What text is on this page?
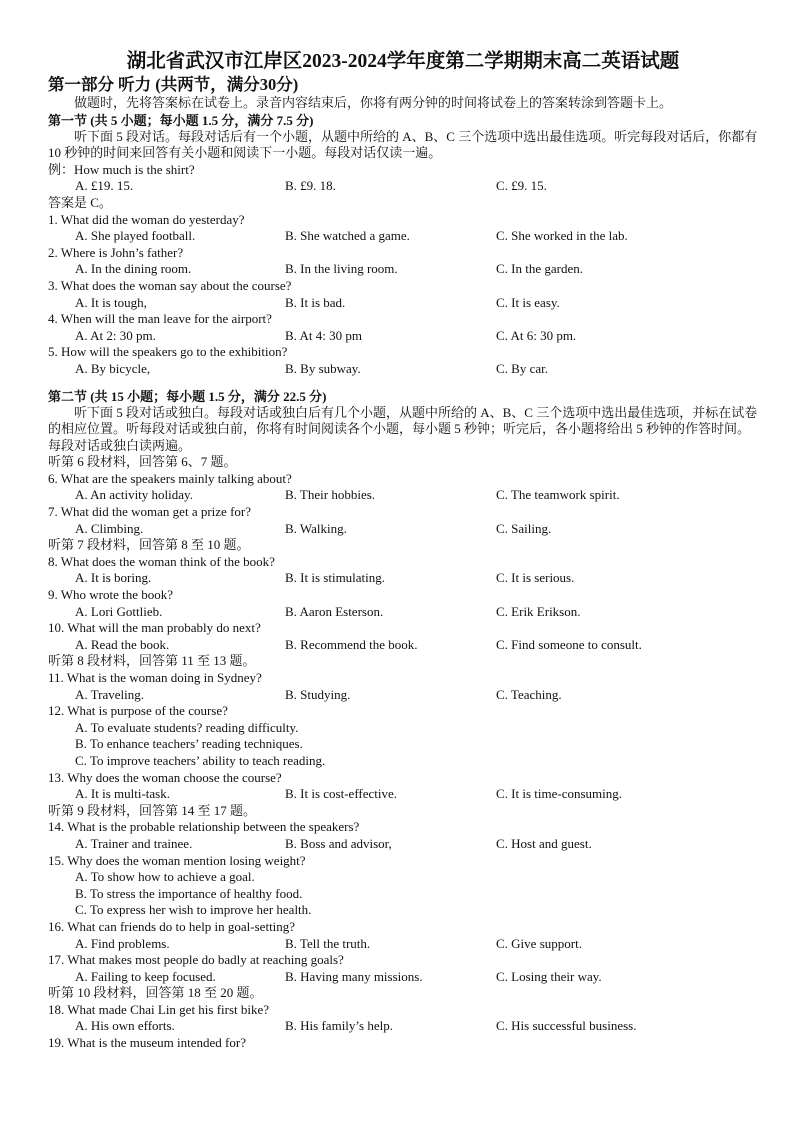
湖北省武汉市江岸区2023-2024学年度第二学期期末高二英语试题
第一部分 听力 (共两节，满分30分)
做题时，先将答案标在试卷上。录音内容结束后，你将有两分钟的时间将试卷上的答案转涂到答题卡上。
第一节 (共 5 小题；每小题 1.5 分，满分 7.5 分)
听下面 5 段对话。每段对话后有一个小题，从题中所给的 A、B、C 三个选项中选出最佳选项。听完每段对话后，你都有 10 秒钟的时间来回答有关小题和阅读下一小题。每段对话仅读一遍。
例：How much is the shirt?
A. £19. 15.	B. £9. 18.	C. £9. 15.
答案是 C。
1. What did the woman do yesterday?
A. She played football.	B. She watched a game.	C. She worked in the lab.
2. Where is John’s father?
A. In the dining room.	B. In the living room.	C. In the garden.
3. What does the woman say about the course?
A. It is tough,	B. It is bad.	C. It is easy.
4. When will the man leave for the airport?
A. At 2: 30 pm.	B. At 4: 30 pm	C. At 6: 30 pm.
5. How will the speakers go to the exhibition?
A. By bicycle,	B. By subway.	C. By car.
第二节 (共 15 小题；每小题 1.5 分，满分 22.5 分)
听下面 5 段对话或独白。每段对话或独白后有几个小题，从题中所给的 A、B、C 三个选项中选出最佳选项，并标在试卷的相应位置。听每段对话或独白前，你将有时间阅读各个小题，每小题 5 秒钟；听完后，各小题将给出 5 秒钟的作答时间。每段对话或独白读两遍。
听第 6 段材料，回答第 6、7 题。
6. What are the speakers mainly talking about?
A. An activity holiday.	B. Their hobbies.	C. The teamwork spirit.
7. What did the woman get a prize for?
A. Climbing.	B. Walking.	C. Sailing.
听第 7 段材料，回答第 8 至 10 题。
8. What does the woman think of the book?
A. It is boring.	B. It is stimulating.	C. It is serious.
9. Who wrote the book?
A. Lori Gottlieb.	B. Aaron Esterson.	C. Erik Erikson.
10. What will the man probably do next?
A. Read the book.	B. Recommend the book.	C. Find someone to consult.
听第 8 段材料，回答第 11 至 13 题。
11. What is the woman doing in Sydney?
A. Traveling.	B. Studying.	C. Teaching.
12. What is purpose of the course?
A. To evaluate students? reading difficulty.
B. To enhance teachers’ reading techniques.
C. To improve teachers’ ability to teach reading.
13. Why does the woman choose the course?
A. It is multi-task.	B. It is cost-effective.	C. It is time-consuming.
听第 9 段材料，回答第 14 至 17 题。
14. What is the probable relationship between the speakers?
A. Trainer and trainee.	B. Boss and advisor,	C. Host and guest.
15. Why does the woman mention losing weight?
A. To show how to achieve a goal.
B. To stress the importance of healthy food.
C. To express her wish to improve her health.
16. What can friends do to help in goal-setting?
A. Find problems.	B. Tell the truth.	C. Give support.
17. What makes most people do badly at reaching goals?
A. Failing to keep focused.	B. Having many missions.	C. Losing their way.
听第 10 段材料，回答第 18 至 20 题。
18. What made Chai Lin get his first bike?
A. His own efforts.	B. His family’s help.	C. His successful business.
19. What is the museum intended for?
